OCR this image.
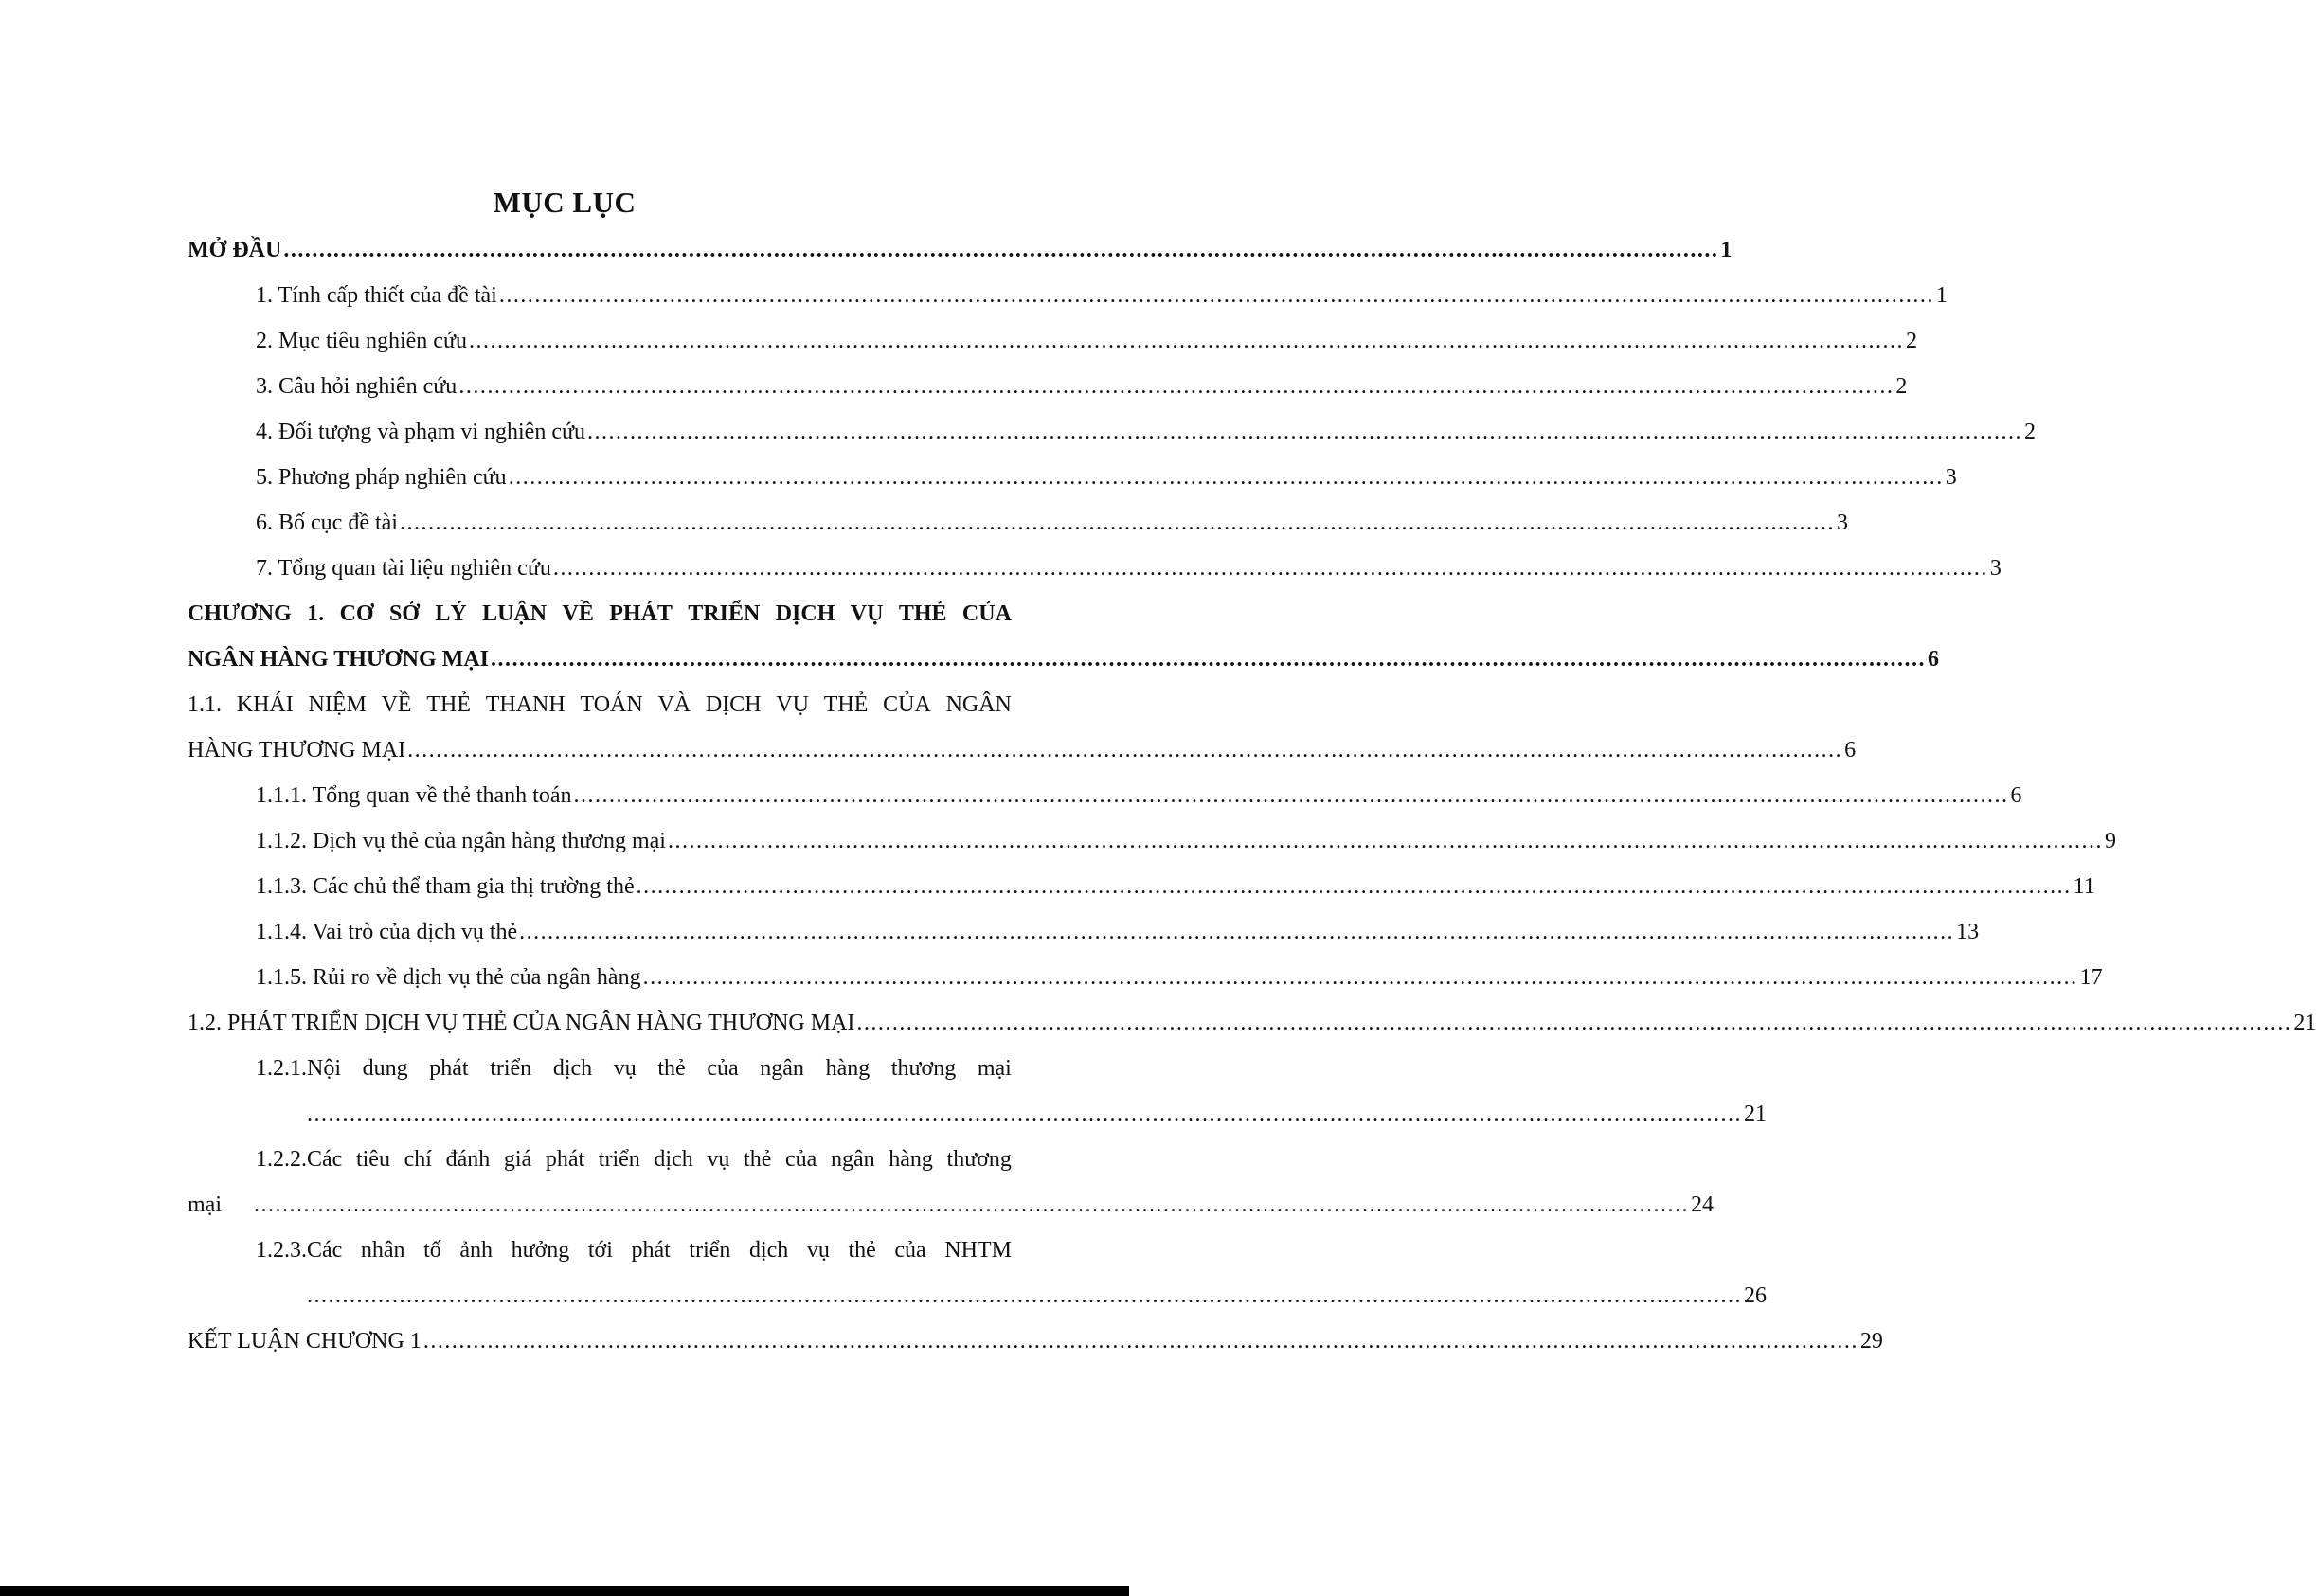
MỤC LỤC
MỞ ĐẦU .......................................................................................................................................................................................................... 1
1. Tính cấp thiết của đề tài .......................................................................................................................................................................................................... 1
2. Mục tiêu nghiên cứu .......................................................................................................................................................................................................... 2
3. Câu hỏi nghiên cứu .......................................................................................................................................................................................................... 2
4. Đối tượng và phạm vi nghiên cứu .......................................................................................................................................................................................................... 2
5. Phương pháp nghiên cứu .......................................................................................................................................................................................................... 3
6. Bố cục đề tài .......................................................................................................................................................................................................... 3
7. Tổng quan tài liệu nghiên cứu .......................................................................................................................................................................................................... 3
CHƯƠNG 1. CƠ SỞ LÝ LUẬN VỀ PHÁT TRIỂN DỊCH VỤ THẺ CỦA
NGÂN HÀNG THƯƠNG MẠI .......................................................................................................................................................................................................... 6
1.1. KHÁI NIỆM VỀ THẺ THANH TOÁN VÀ DỊCH VỤ THẺ CỦA NGÂN
HÀNG THƯƠNG MẠI .......................................................................................................................................................................................................... 6
1.1.1. Tổng quan về thẻ thanh toán .......................................................................................................................................................................................................... 6
1.1.2. Dịch vụ thẻ của ngân hàng thương mại .......................................................................................................................................................................................................... 9
1.1.3. Các chủ thể tham gia thị trường thẻ .......................................................................................................................................................................................................... 11
1.1.4. Vai trò của dịch vụ thẻ .......................................................................................................................................................................................................... 13
1.1.5. Rủi ro về dịch vụ thẻ của ngân hàng .......................................................................................................................................................................................................... 17
1.2. PHÁT TRIỂN DỊCH VỤ THẺ CỦA NGÂN HÀNG THƯƠNG MẠI .......................................................................................................................................................................................................... 21
1.2.1.Nội dung phát triển dịch vụ thẻ của ngân hàng thương mại
.......................................................................................................................................................................................................... 21
1.2.2.Các tiêu chí đánh giá phát triển dịch vụ thẻ của ngân hàng thương
mại	.......................................................................................................................................................................................................... 24
1.2.3.Các nhân tố ảnh hưởng tới phát triển dịch vụ thẻ của NHTM
.......................................................................................................................................................................................................... 26
KẾT LUẬN CHƯƠNG 1 .......................................................................................................................................................................................................... 29
